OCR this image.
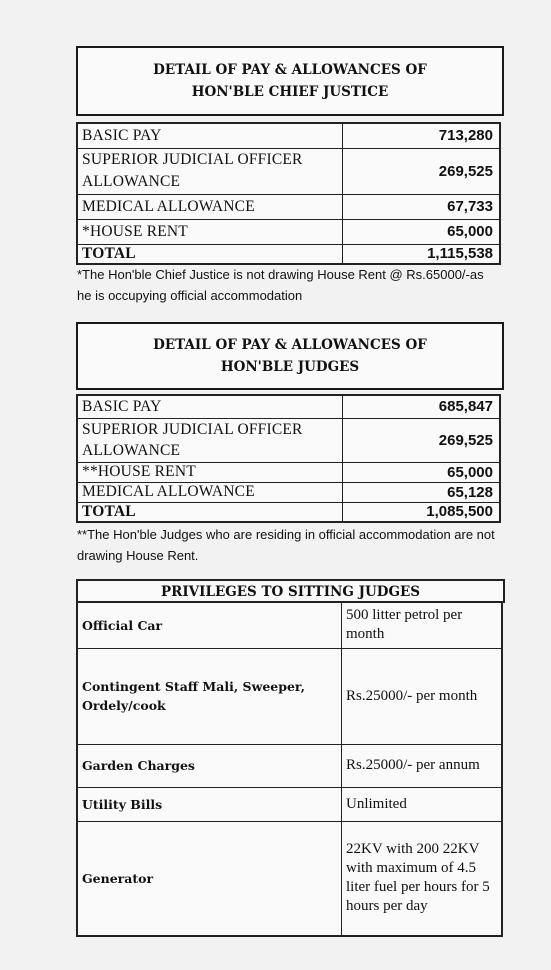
DETAIL OF PAY & ALLOWANCES OF
HON'BLE CHIEF JUSTICE
BASIC PAY	713,280
SUPERIOR JUDICIAL OFFICER ALLOWANCE	269,525
MEDICAL ALLOWANCE	67,733
*HOUSE RENT	65,000
TOTAL	1,115,538
*The Hon'ble Chief Justice is not drawing House Rent @ Rs.65000/-as he is occupying official accommodation
DETAIL OF PAY & ALLOWANCES OF
HON'BLE JUDGES
BASIC PAY	685,847
SUPERIOR JUDICIAL OFFICER ALLOWANCE	269,525
**HOUSE RENT	65,000
MEDICAL ALLOWANCE	65,128
TOTAL	1,085,500
**The Hon'ble Judges who are residing in official accommodation are not drawing House Rent.
PRIVILEGES TO SITTING JUDGES
Official Car	500 litter petrol per month
Contingent Staff Mali, Sweeper, Ordely/cook	Rs.25000/- per month
Garden Charges	Rs.25000/- per annum
Utility Bills	Unlimited
Generator	22KV with 200 22KV with maximum of 4.5 liter fuel per hours for 5 hours per day
